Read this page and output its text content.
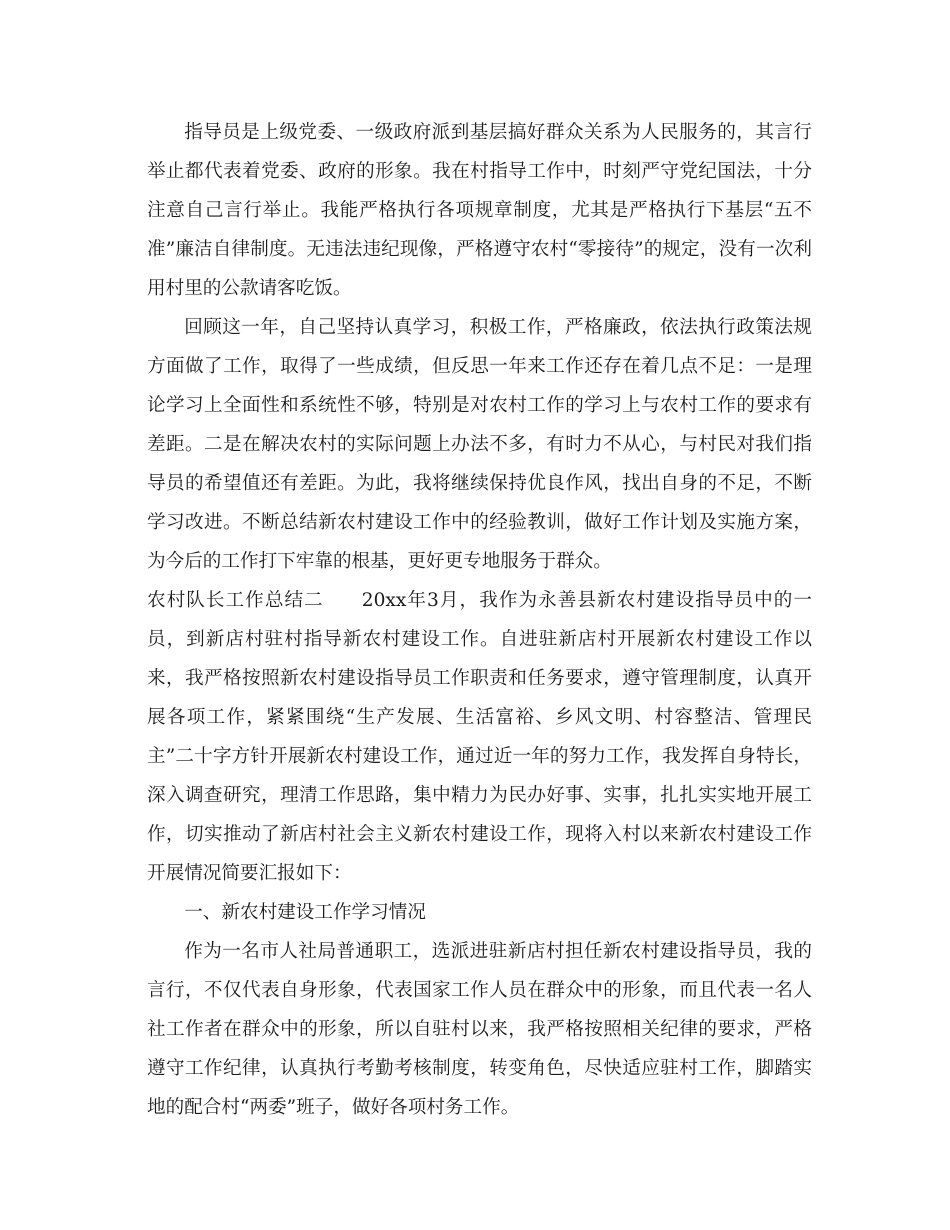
指导员是上级党委、一级政府派到基层搞好群众关系为人民服务的，其言行举止都代表着党委、政府的形象。我在村指导工作中，时刻严守党纪国法，十分注意自己言行举止。我能严格执行各项规章制度，尤其是严格执行下基层“五不准”廉洁自律制度。无违法违纪现像，严格遵守农村“零接待”的规定，没有一次利用村里的公款请客吃饭。

回顾这一年，自己坚持认真学习，积极工作，严格廉政，依法执行政策法规方面做了工作，取得了一些成绩，但反思一年来工作还存在着几点不足：一是理论学习上全面性和系统性不够，特别是对农村工作的学习上与农村工作的要求有差距。二是在解决农村的实际问题上办法不多，有时力不从心，与村民对我们指导员的希望值还有差距。为此，我将继续保持优良作风，找出自身的不足，不断学习改进。不断总结新农村建设工作中的经验教训，做好工作计划及实施方案，为今后的工作打下牢靠的根基，更好更专地服务于群众。

农村队长工作总结二 20xx年3月，我作为永善县新农村建设指导员中的一员，到新店村驻村指导新农村建设工作。自进驻新店村开展新农村建设工作以来，我严格按照新农村建设指导员工作职责和任务要求，遵守管理制度，认真开展各项工作，紧紧围绕“生产发展、生活富裕、乡风文明、村容整洁、管理民主”二十字方针开展新农村建设工作，通过近一年的努力工作，我发挥自身特长，深入调查研究，理清工作思路，集中精力为民办好事、实事，扎扎实实地开展工作，切实推动了新店村社会主义新农村建设工作，现将入村以来新农村建设工作开展情况简要汇报如下：

一、新农村建设工作学习情况

作为一名市人社局普通职工，选派进驻新店村担任新农村建设指导员，我的言行，不仅代表自身形象，代表国家工作人员在群众中的形象，而且代表一名人社工作者在群众中的形象，所以自驻村以来，我严格按照相关纪律的要求，严格遵守工作纪律，认真执行考勤考核制度，转变角色，尽快适应驻村工作，脚踏实地的配合村“两委”班子，做好各项村务工作。
